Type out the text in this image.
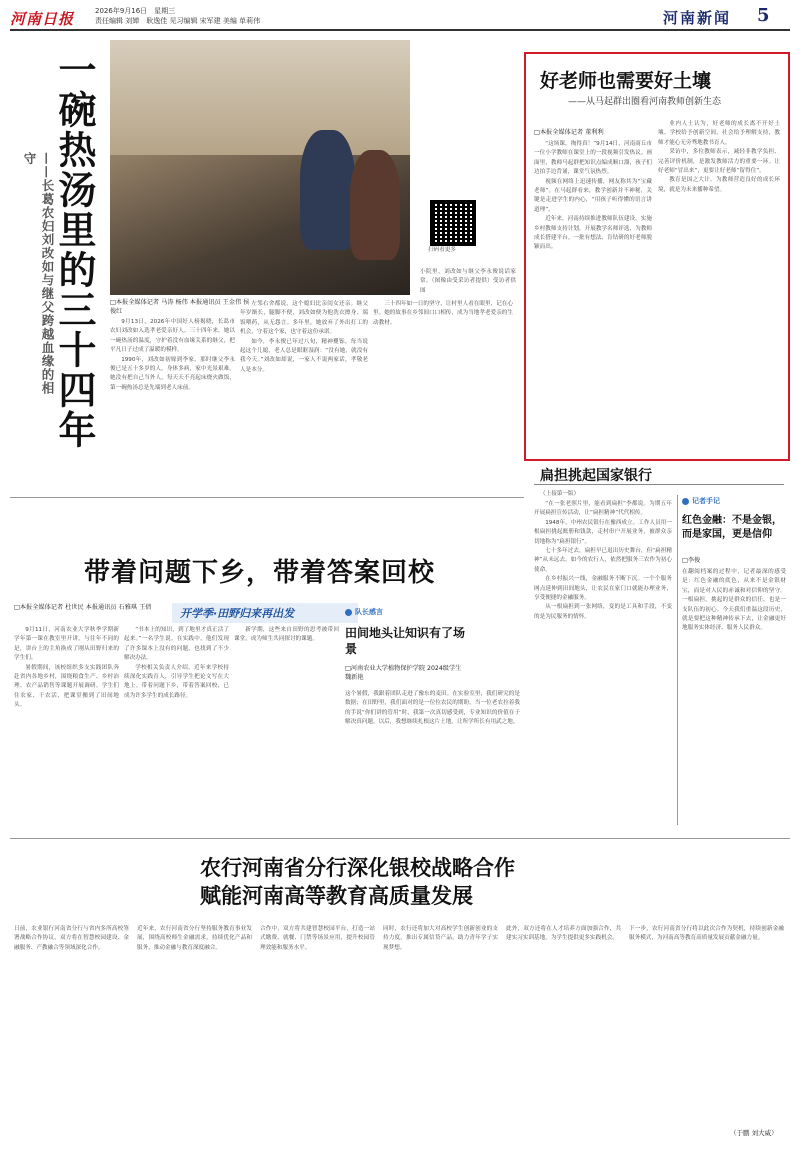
河南日报	2026年9月16日　星期三
责任编辑 刘婵　耿逸佳 见习编辑 宋军建 美编 单莉伟	河南新闻 5
一碗热汤里的三十四年
——长葛农妇刘改如与继父跨越血缘的相守
扫码看更多
小院里，刘改如与继父李永俊说话家常。（图像由受采访者提供）受访者供图
□本报全媒体记者 马涛 杨伟 本报通讯员 王金伟 侯俊红

9月13日，2026年中国好人榜揭晓，长葛市农妇刘改如入选孝老爱亲好人。三十四年来，她以一碗热汤的温度，守护着没有血缘关系的继父，把平凡日子过成了温暖的模样。

1990年，刘改如初嫁到李家，那时继父李永俊已是五十多岁的人，身体多病，家中光景艰难。她没有把自己当外人，每天天不亮起床烧火做饭，第一碗热汤总是先端到老人床前。

左邻右舍都说，这个媳妇比亲闺女还亲。继父年岁渐长，腿脚不便，刘改如便为他洗衣擦身、端饭喂药，从无怨言。多年里，她放弃了外出打工的机会，守着这个家，也守着这份承诺。

如今，李永俊已年过八旬，精神矍铄。每当说起这个儿媳，老人总是眼眶湿润：“没有她，就没有我今天。”刘改如却说，一家人不说两家话，孝敬老人是本分。

三十四年如一日的坚守，让村里人看在眼里、记在心里。她的故事在乡邻间口口相传，成为当地孝老爱亲的生动教材。

好老师也需要好土壤
——从马起群出圈看河南教师创新生态
□本报全媒体记者 董利利

“这场课，掏得真！”9月14日，河南商丘市一位小学教师在课堂上的一段视频引发热议。画面里，教师马起群把知识点编成顺口溜，孩子们边拍手边背诵，课堂气氛热烈。

视频在网络上迅速传播，网友称其为“宝藏老师”。在马起群看来，教学创新并不神秘，关键是走进学生的内心，“用孩子听得懂的语言讲道理”。

近年来，河南持续推进教师队伍建设，实施乡村教师支持计划，开展教学名师评选，为教师成长搭建平台。一批有想法、肯钻研的好老师脱颖而出。

业内人士认为，好老师的成长离不开好土壤。学校给予创新空间，社会给予理解支持，教师才能心无旁骛地教书育人。

采访中，多位教师表示，减轻非教学负担、完善评价机制，是激发教师活力的重要一环。让好老师“冒出来”，更要让好老师“留得住”。

教育是国之大计。为教师营造良好的成长环境，就是为未来播种希望。

扁担挑起国家银行
（上接第一版）

“在一张老照片里，能看到扁担”李都说。为期五年开展扁担宣传活动，让“扁担精神”代代相传。

1948年，中州农民银行在豫西成立。工作人员用一根扁担挑起账册和钱款，走村串户开展业务，被群众亲切地称为“扁担银行”。

七十多年过去，扁担早已退出历史舞台，但“扁担精神”从未远去。如今的农行人，依然把服务三农作为初心使命。

在乡村振兴一线，金融服务不断下沉。一个个服务网点延伸到田间地头，让农民在家门口就能办理业务，享受便捷的金融服务。

从一根扁担到一张网络，变的是工具和手段，不变的是为民服务的情怀。

记者手记
红色金融：不是金银，而是家国，更是信仰
□李俊
在翻阅档案的过程中，记者最深的感受是：红色金融的底色，从来不是金银财宝，而是对人民的赤诚和对信仰的坚守。一根扁担，挑起的是群众的信任，也是一支队伍的初心。今天我们重温这段历史，就是要把这种精神传承下去，让金融更好地服务实体经济、服务人民群众。
带着问题下乡，带着答案回校
□本报全媒体记者 杜世民 本报通讯员 石雅琪 王倩	开学季·田野归来再出发

9月11日，河南农业大学秋季学期新学年第一课在教室里开讲。与往年不同的是，讲台上的主角换成了刚从田野归来的学生们。

暑假期间，该校组织多支实践团队奔赴省内各地乡村，围绕粮食生产、乡村治理、农产品销售等课题开展调研。学生们住农家、干农活，把课堂搬到了田间地头。

“书本上的知识，到了地里才真正活了起来。”一名学生说。在实践中，他们发现了许多课本上没有的问题，也找到了不少解决办法。

学校相关负责人介绍，近年来学校持续深化实践育人，引导学生把论文写在大地上。带着问题下乡，带着答案回校，已成为许多学生的成长路径。

新学期，这些来自田野的思考被带回课堂，成为师生共同探讨的课题。

队长感言
田间地头让知识有了场景
□河南农业大学植物保护学院 2024级学生 魏新艳
这个暑假，我跟着团队走进了豫东的麦田。在实验室里，我们研究的是数据；在田野里，我们面对的是一位位农民的期盼。当一位老农拉着我的手说“你们讲的管用”时，我第一次真切感受到，专业知识的价值在于解决真问题。以后，我想继续扎根这片土地，让所学所长有用武之地。
农行河南省分行深化银校战略合作
赋能河南高等教育高质量发展
日前，农业银行河南省分行与省内多所高校签署战略合作协议，双方将在智慧校园建设、金融服务、产教融合等领域深化合作。
近年来，农行河南省分行坚持服务教育事业发展，围绕高校师生金融需求，持续优化产品和服务，推动金融与教育深度融合。
合作中，双方将共建智慧校园平台，打造一站式缴费、就餐、门禁等场景应用，提升校园管理效能和服务水平。
同时，农行还将加大对高校学生创新创业的支持力度，推出专属信贷产品，助力青年学子实现梦想。
此外，双方还将在人才培养方面加强合作，共建实习实训基地，为学生提供更多实践机会。
下一步，农行河南省分行将以此次合作为契机，持续创新金融服务模式，为河南高等教育高质量发展贡献金融力量。
（于鹏 刘大威）
